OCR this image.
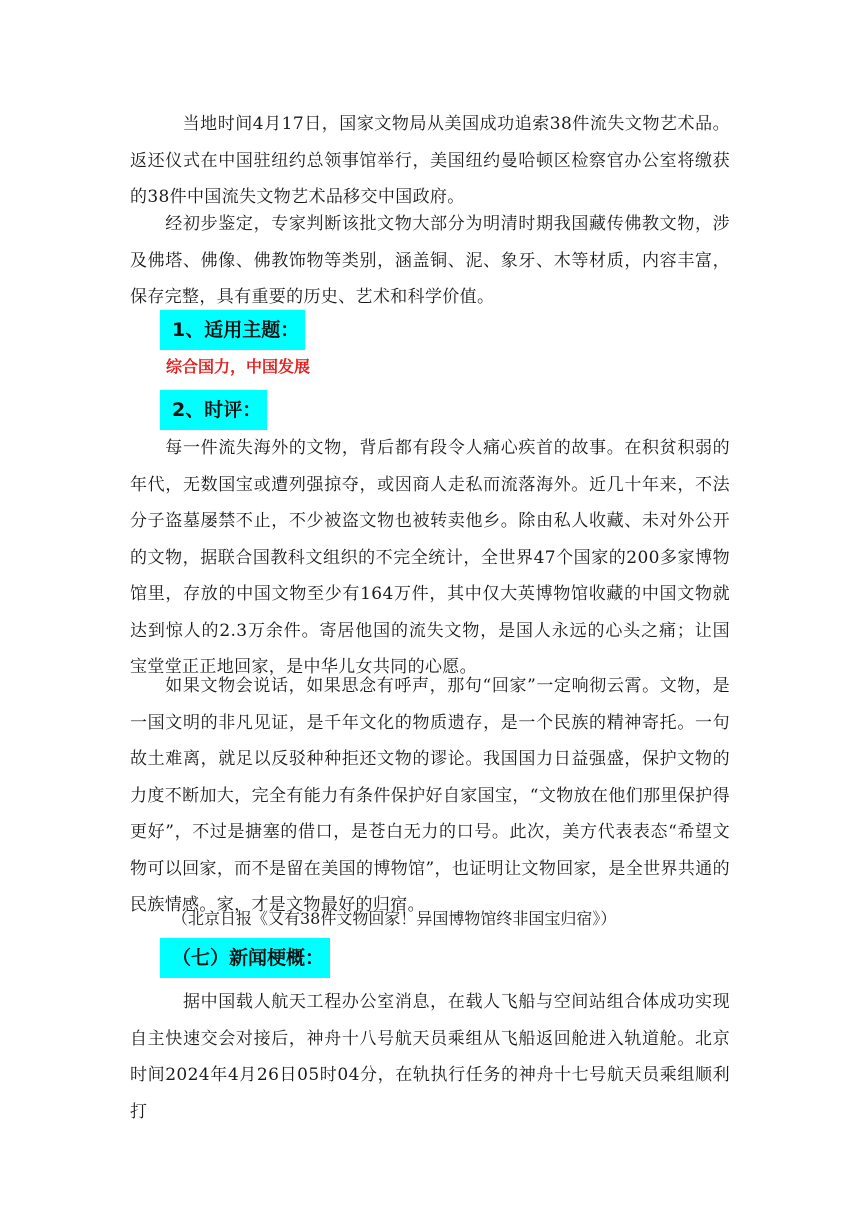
　　　当地时间4月17日，国家文物局从美国成功追索38件流失文物艺术品。返还仪式在中国驻纽约总领事馆举行，美国纽约曼哈顿区检察官办公室将缴获的38件中国流失文物艺术品移交中国政府。

　　经初步鉴定，专家判断该批文物大部分为明清时期我国藏传佛教文物，涉及佛塔、佛像、佛教饰物等类别，涵盖铜、泥、象牙、木等材质，内容丰富，保存完整，具有重要的历史、艺术和科学价值。

1、适用主题：

综合国力，中国发展

2、时评：

　　每一件流失海外的文物，背后都有段令人痛心疾首的故事。在积贫积弱的年代，无数国宝或遭列强掠夺，或因商人走私而流落海外。近几十年来，不法分子盗墓屡禁不止，不少被盗文物也被转卖他乡。除由私人收藏、未对外公开的文物，据联合国教科文组织的不完全统计，全世界47个国家的200多家博物馆里，存放的中国文物至少有164万件，其中仅大英博物馆收藏的中国文物就达到惊人的2.3万余件。寄居他国的流失文物，是国人永远的心头之痛；让国宝堂堂正正地回家，是中华儿女共同的心愿。

　　如果文物会说话，如果思念有呼声，那句“回家”一定响彻云霄。文物，是一国文明的非凡见证，是千年文化的物质遗存，是一个民族的精神寄托。一句故土难离，就足以反驳种种拒还文物的谬论。我国国力日益强盛，保护文物的力度不断加大，完全有能力有条件保护好自家国宝，“文物放在他们那里保护得更好”，不过是搪塞的借口，是苍白无力的口号。此次，美方代表表态“希望文物可以回家，而不是留在美国的博物馆”，也证明让文物回家，是全世界共通的民族情感。家，才是文物最好的归宿。

（北京日报《又有38件文物回家！异国博物馆终非国宝归宿》）

（七）新闻梗概：

　　　据中国载人航天工程办公室消息，在载人飞船与空间站组合体成功实现自主快速交会对接后，神舟十八号航天员乘组从飞船返回舱进入轨道舱。北京时间2024年4月26日05时04分，在轨执行任务的神舟十七号航天员乘组顺利打
